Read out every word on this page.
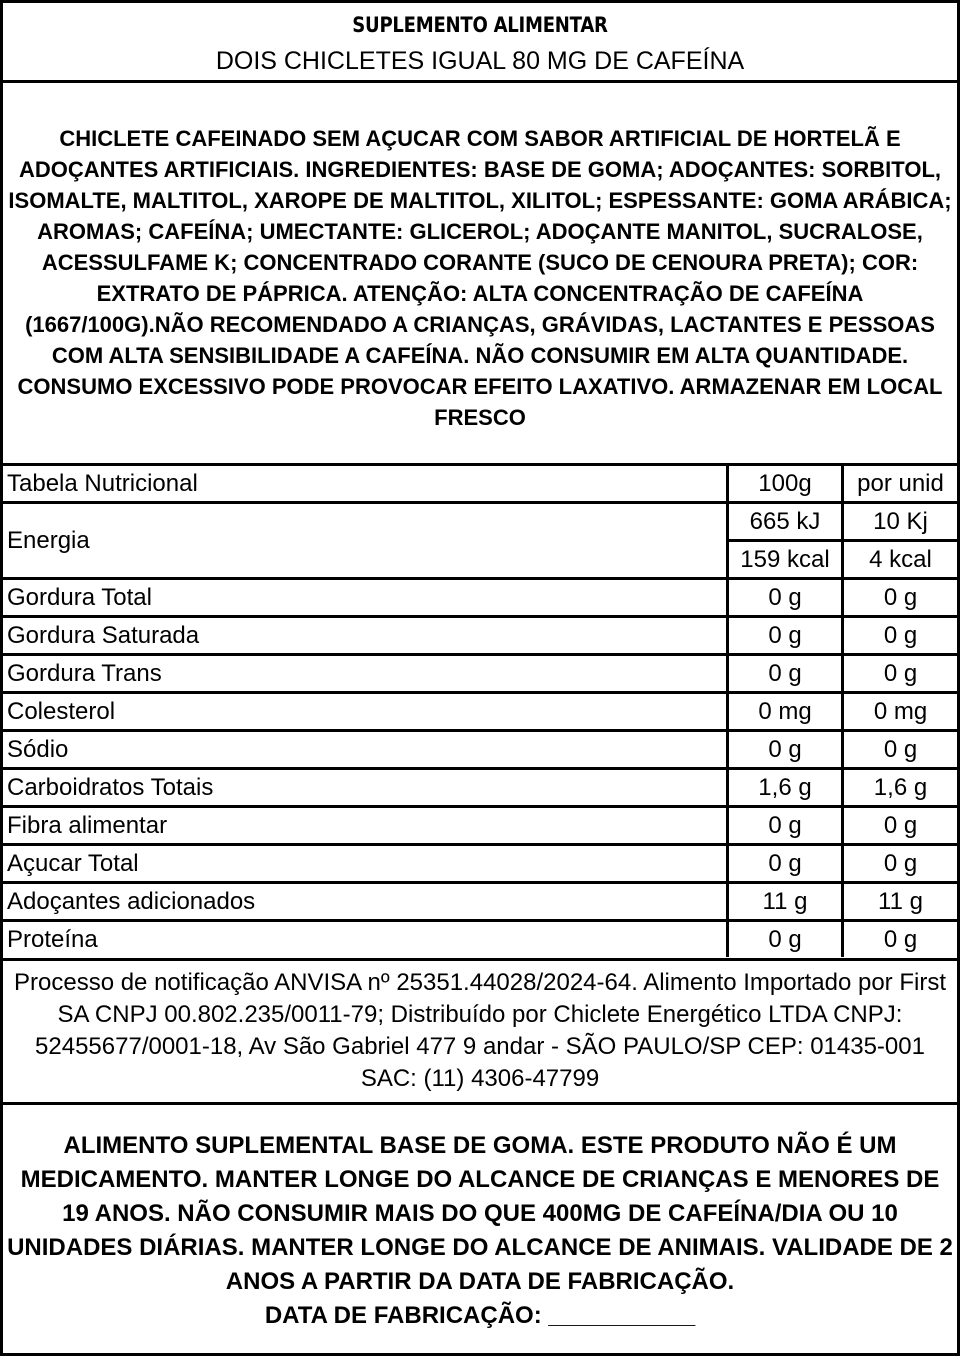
SUPLEMENTO ALIMENTAR
DOIS CHICLETES IGUAL 80 MG DE CAFEÍNA

CHICLETE CAFEINADO SEM AÇUCAR COM SABOR ARTIFICIAL DE HORTELÃ E ADOÇANTES ARTIFICIAIS. INGREDIENTES: BASE DE GOMA; ADOÇANTES: SORBITOL, ISOMALTE, MALTITOL, XAROPE DE MALTITOL, XILITOL; ESPESSANTE: GOMA ARÁBICA; AROMAS; CAFEÍNA; UMECTANTE: GLICEROL; ADOÇANTE MANITOL, SUCRALOSE, ACESSULFAME K; CONCENTRADO CORANTE (SUCO DE CENOURA PRETA); COR: EXTRATO DE PÁPRICA. ATENÇÃO: ALTA CONCENTRAÇÃO DE CAFEÍNA (1667/100G).NÃO RECOMENDADO A CRIANÇAS, GRÁVIDAS, LACTANTES E PESSOAS COM ALTA SENSIBILIDADE A CAFEÍNA. NÃO CONSUMIR EM ALTA QUANTIDADE. CONSUMO EXCESSIVO PODE PROVOCAR EFEITO LAXATIVO. ARMAZENAR EM LOCAL FRESCO

Tabela Nutricional	100g	por unid
Energia	665 kJ	10 Kj
	159 kcal	4 kcal
Gordura Total	0 g	0 g
Gordura Saturada	0 g	0 g
Gordura Trans	0 g	0 g
Colesterol	0 mg	0 mg
Sódio	0 g	0 g
Carboidratos Totais	1,6 g	1,6 g
Fibra alimentar	0 g	0 g
Açucar Total	0 g	0 g
Adoçantes adicionados	11 g	11 g
Proteína	0 g	0 g

Processo de notificação ANVISA nº 25351.44028/2024-64. Alimento Importado por First SA CNPJ 00.802.235/0011-79; Distribuído por Chiclete Energético LTDA CNPJ: 52455677/0001-18, Av São Gabriel 477 9 andar - SÃO PAULO/SP CEP: 01435-001 SAC: (11) 4306-47799

ALIMENTO SUPLEMENTAL BASE DE GOMA. ESTE PRODUTO NÃO É UM MEDICAMENTO. MANTER LONGE DO ALCANCE DE CRIANÇAS E MENORES DE 19 ANOS. NÃO CONSUMIR MAIS DO QUE 400MG DE CAFEÍNA/DIA OU 10 UNIDADES DIÁRIAS. MANTER LONGE DO ALCANCE DE ANIMAIS. VALIDADE DE 2 ANOS A PARTIR DA DATA DE FABRICAÇÃO.
DATA DE FABRICAÇÃO: ___________
